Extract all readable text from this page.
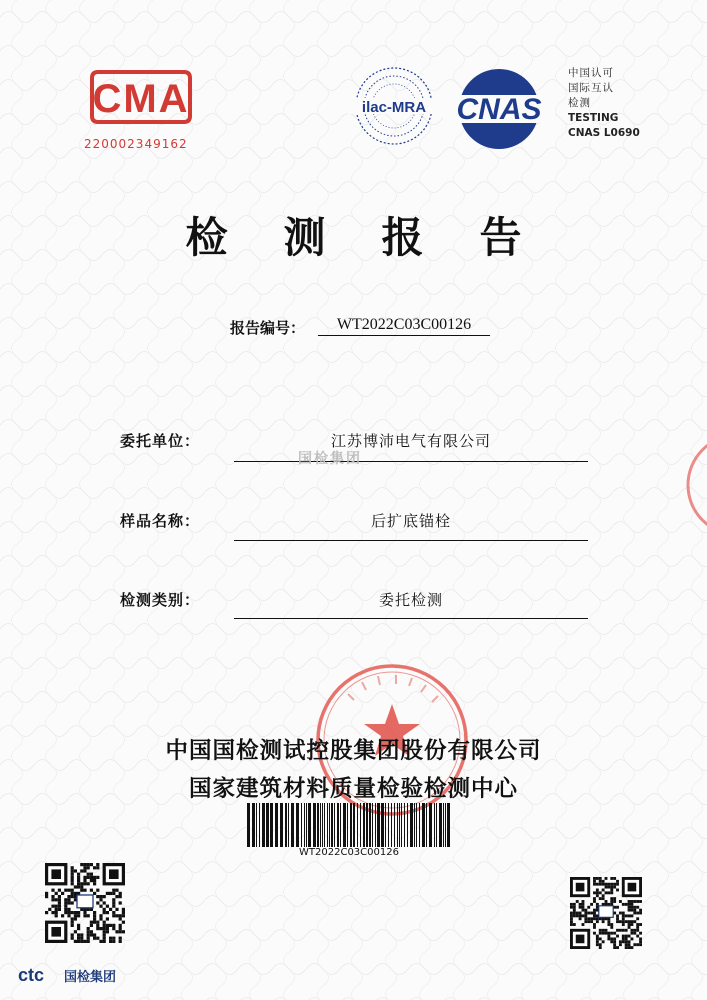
CMA
220002349162
ilac-MRA CNAS
中国认可
国际互认
检测
TESTING
CNAS L0690
检测报告
报告编号：	WT2022C03C00126
委托单位：	江苏博沛电气有限公司
国检集团
样品名称：	后扩底锚栓
检测类别：	委托检测
中国国检测试控股集团股份有限公司
国家建筑材料质量检验检测中心
WT2022C03C00126
ctc 国检集团
